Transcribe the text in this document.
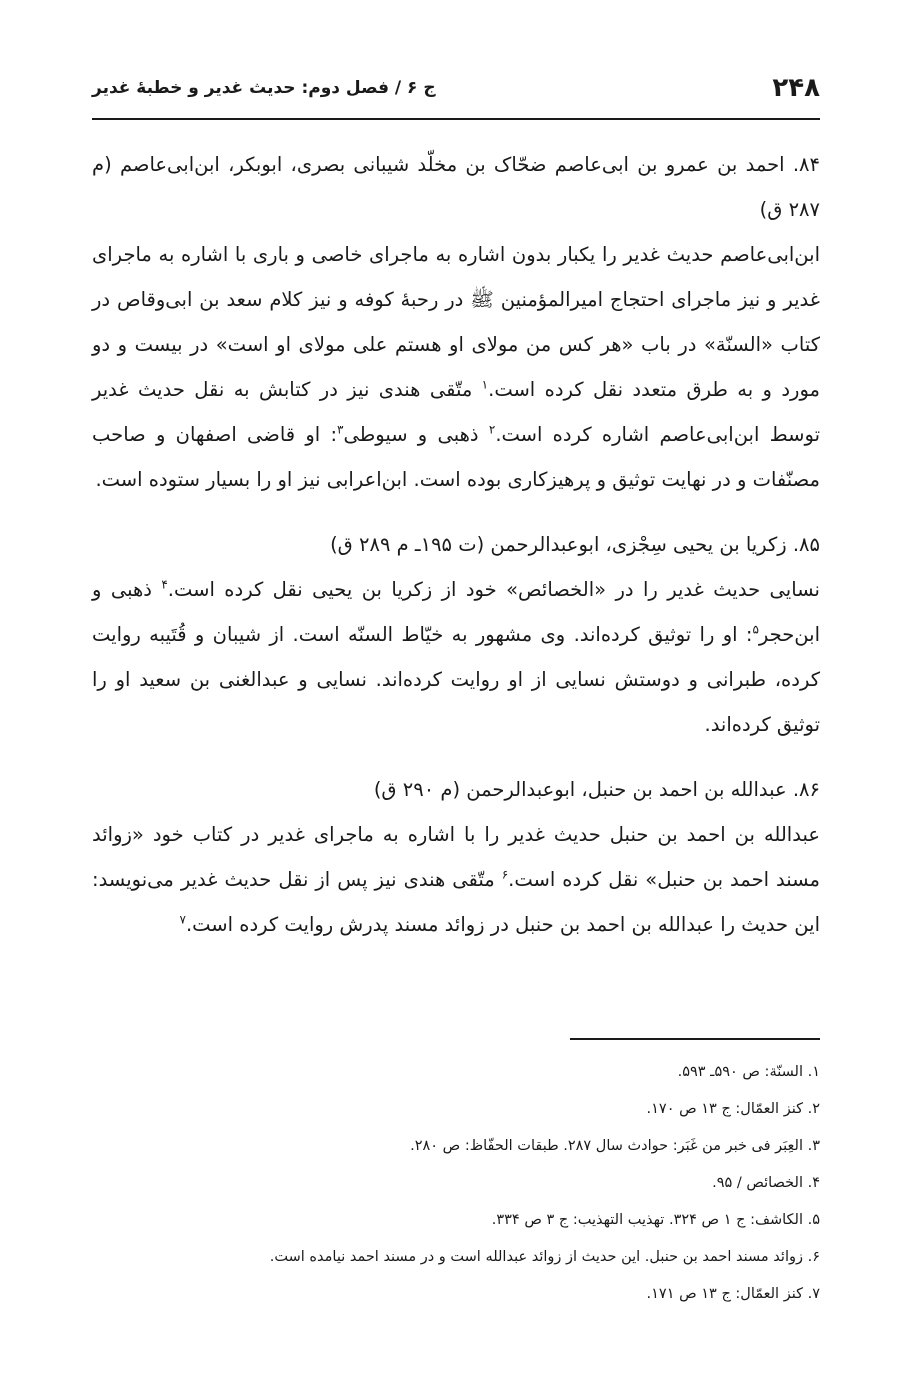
۲۴۸
ج ۶ / فصل دوم: حدیث غدیر و خطبهٔ غدیر

۸۴. احمد بن عمرو بن ابی‌عاصم ضحّاک بن مخلّد شیبانی بصری، ابوبکر، ابن‌ابی‌عاصم (م ۲۸۷ ق)

ابن‌ابی‌عاصم حدیث غدیر را یکبار بدون اشاره به ماجرای خاصی و باری با اشاره به ماجرای غدیر و نیز ماجرای احتجاج امیرالمؤمنین ﷺ در رحبهٔ کوفه و نیز کلام سعد بن ابی‌وقاص در کتاب «السنّة» در باب «هر کس من مولای او هستم علی مولای او است» در بیست و دو مورد و به طرق متعدد نقل کرده است.$^۱$ متّقی هندی نیز در کتابش به نقل حدیث غدیر توسط ابن‌ابی‌عاصم اشاره کرده است.$^۲$ ذهبی و سیوطی$^۳$: او قاضی اصفهان و صاحب مصنّفات و در نهایت توثیق و پرهیزکاری بوده است. ابن‌اعرابی نیز او را بسیار ستوده است.

۸۵. زکریا بن یحیی سِجْزی، ابوعبدالرحمن (ت ۱۹۵ـ م ۲۸۹ ق)

نسایی حدیث غدیر را در «الخصائص» خود از زکریا بن یحیی نقل کرده است.$^۴$ ذهبی و ابن‌حجر$^۵$: او را توثیق کرده‌اند. وی مشهور به خیّاط السنّه است. از شیبان و قُتَیبه روایت کرده، طبرانی و دوستش نسایی از او روایت کرده‌اند. نسایی و عبدالغنی بن سعید او را توثیق کرده‌اند.

۸۶. عبدالله بن احمد بن حنبل، ابوعبدالرحمن (م ۲۹۰ ق)

عبدالله بن احمد بن حنبل حدیث غدیر را با اشاره به ماجرای غدیر در کتاب خود «زوائد مسند احمد بن حنبل» نقل کرده است.$^۶$ متّقی هندی نیز پس از نقل حدیث غدیر می‌نویسد: این حدیث را عبدالله بن احمد بن حنبل در زوائد مسند پدرش روایت کرده است.$^۷$

۱. السنّة: ص ۵۹۰ـ ۵۹۳.

۲. کنز العمّال: ج ۱۳ ص ۱۷۰.

۳. العِبَر فی خبر من غَبَر: حوادث سال ۲۸۷. طبقات الحفّاظ: ص ۲۸۰.

۴. الخصائص / ۹۵.

۵. الکاشف: ج ۱ ص ۳۲۴. تهذیب التهذیب: ج ۳ ص ۳۳۴.

۶. زوائد مسند احمد بن حنبل. این حدیث از زوائد عبدالله است و در مسند احمد نیامده است.

۷. کنز العمّال: ج ۱۳ ص ۱۷۱.
